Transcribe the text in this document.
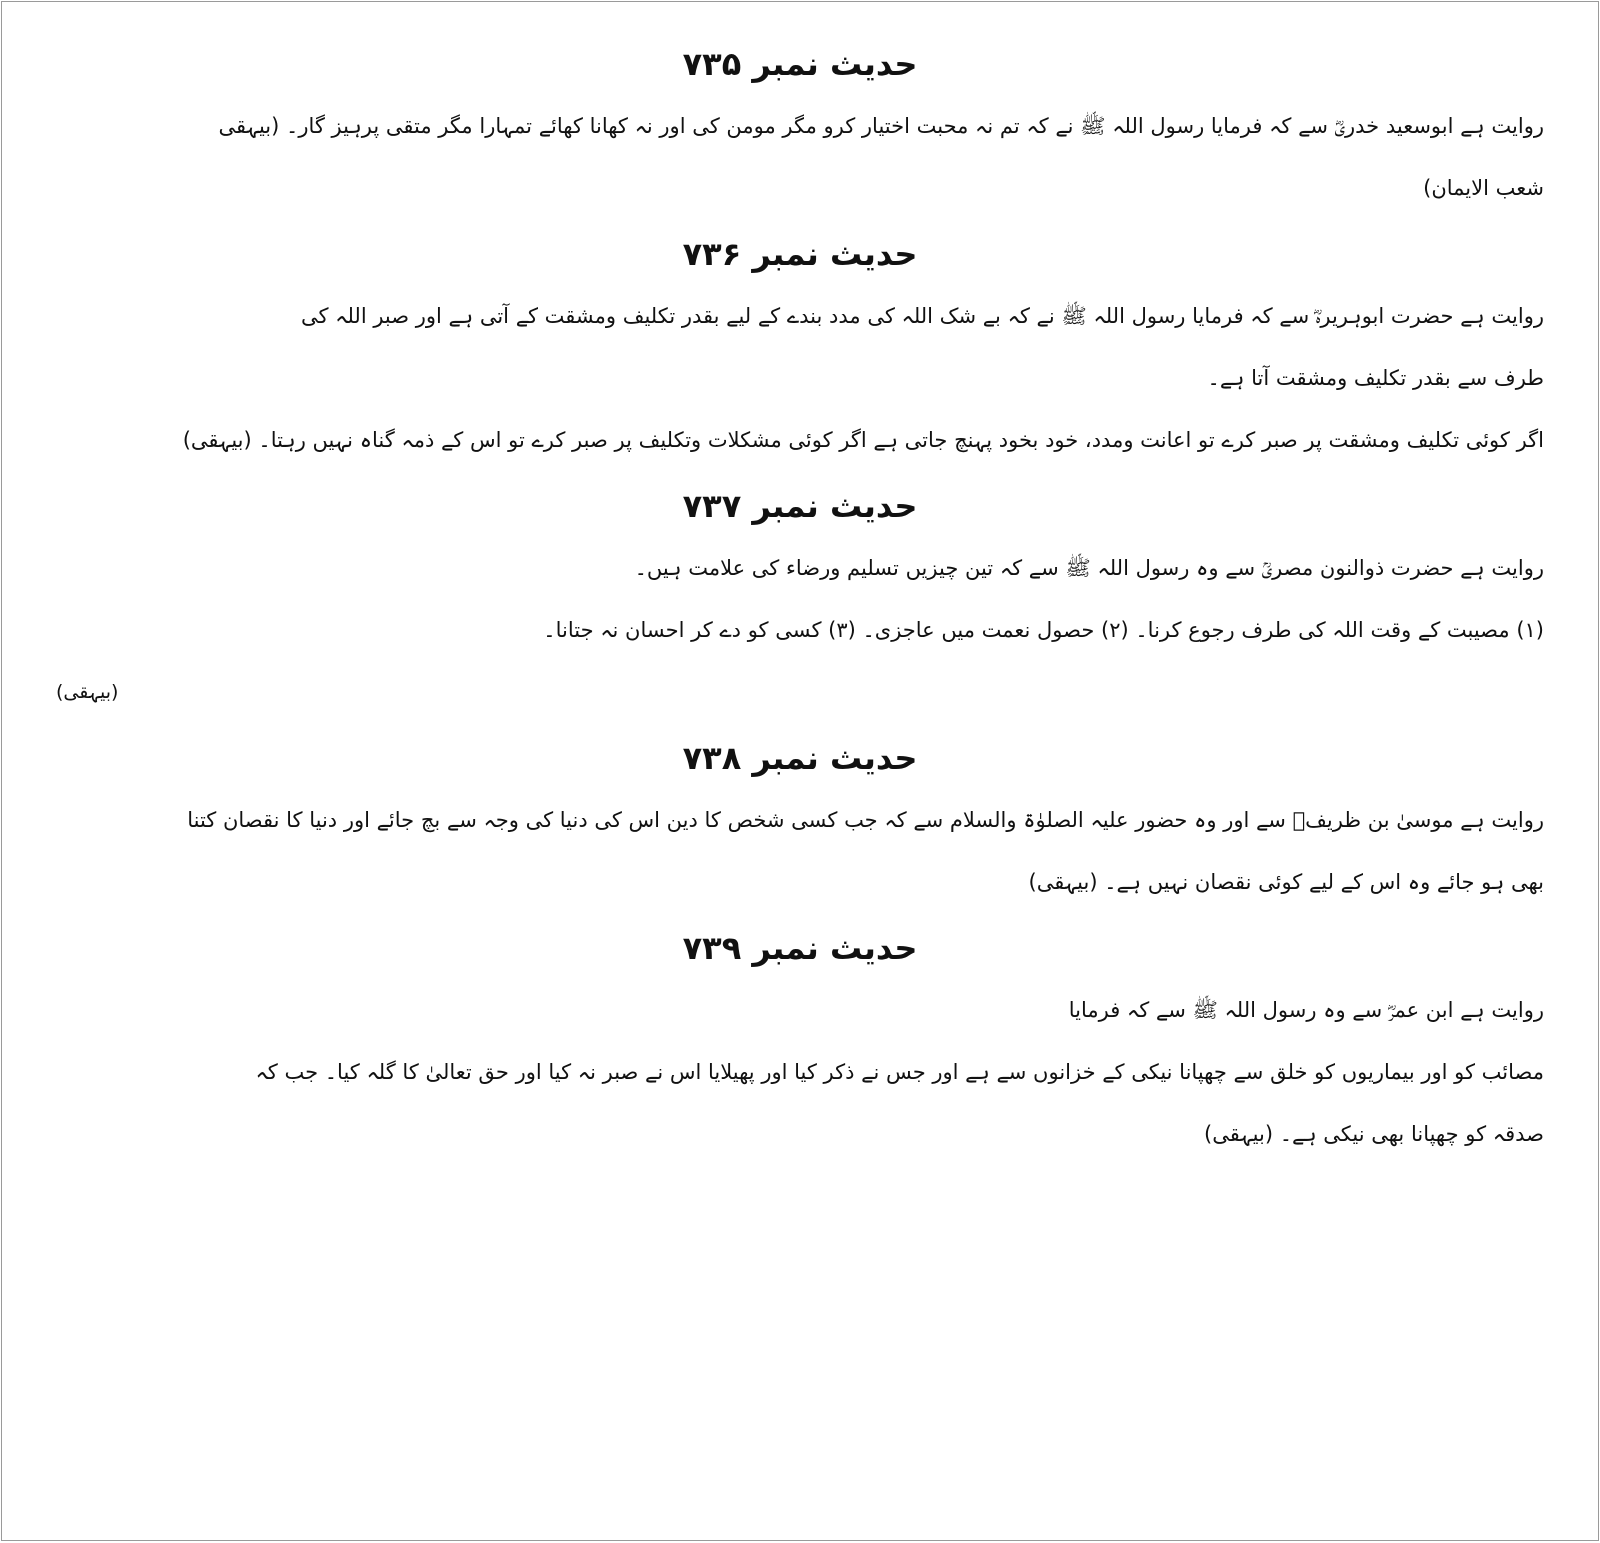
حدیث نمبر ۷۳۵
روایت ہے ابوسعید خدریؓ سے کہ فرمایا رسول اللہ ﷺ نے کہ تم نہ محبت اختیار کرو مگر مومن کی اور نہ کھانا کھائے تمہارا مگر متقی پرہیز گار۔ (بیہقی
شعب الایمان)
حدیث نمبر ۷۳۶
روایت ہے حضرت ابوہریرہؓ سے کہ فرمایا رسول اللہ ﷺ نے کہ بے شک اللہ کی مدد بندے کے لیے بقدر تکلیف ومشقت کے آتی ہے اور صبر اللہ کی
طرف سے بقدر تکلیف ومشقت آتا ہے۔
اگر کوئی تکلیف ومشقت پر صبر کرے تو اعانت ومدد، خود بخود پہنچ جاتی ہے اگر کوئی مشکلات وتکلیف پر صبر کرے تو اس کے ذمہ گناہ نہیں رہتا۔ (بیہقی)
حدیث نمبر ۷۳۷
روایت ہے حضرت ذوالنون مصریؒ سے وہ رسول اللہ ﷺ سے کہ تین چیزیں تسلیم ورضاء کی علامت ہیں۔
(۱) مصیبت کے وقت اللہ کی طرف رجوع کرنا۔ (۲) حصول نعمت میں عاجزی۔ (۳) کسی کو دے کر احسان نہ جتانا۔
(بیہقی)
حدیث نمبر ۷۳۸
روایت ہے موسیٰ بن ظریفؒ سے اور وہ حضور علیہ الصلوٰۃ والسلام سے کہ جب کسی شخص کا دین اس کی دنیا کی وجہ سے بچ جائے اور دنیا کا نقصان کتنا
بھی ہو جائے وہ اس کے لیے کوئی نقصان نہیں ہے۔ (بیہقی)
حدیث نمبر ۷۳۹
روایت ہے ابن عمرؓ سے وہ رسول اللہ ﷺ سے کہ فرمایا
مصائب کو اور بیماریوں کو خلق سے چھپانا نیکی کے خزانوں سے ہے اور جس نے ذکر کیا اور پھیلایا اس نے صبر نہ کیا اور حق تعالیٰ کا گلہ کیا۔ جب کہ
صدقہ کو چھپانا بھی نیکی ہے۔ (بیہقی)
